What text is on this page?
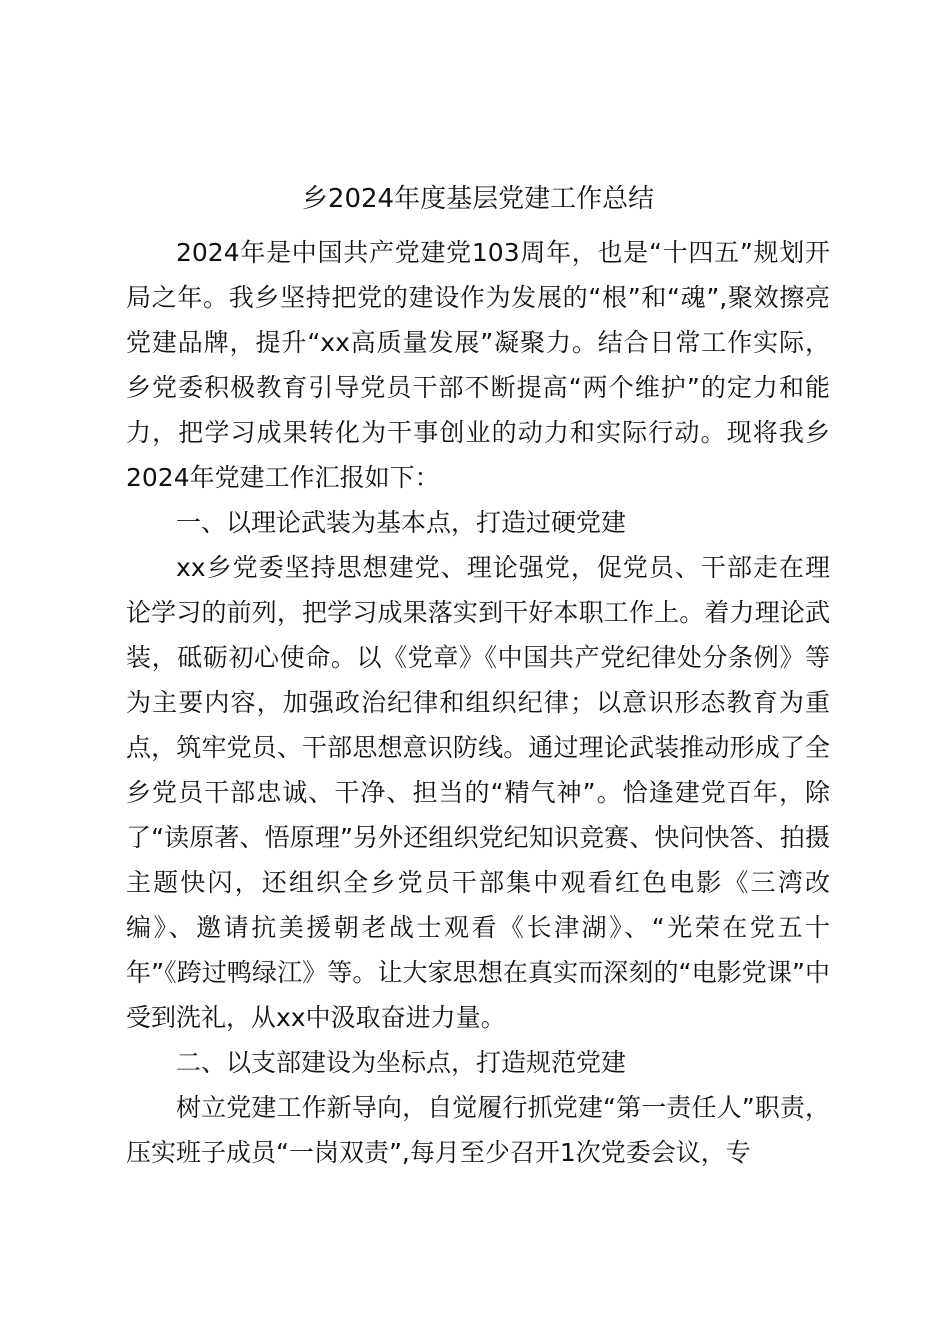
乡2024年度基层党建工作总结

2024年是中国共产党建党103周年，也是“十四五”规划开局之年。我乡坚持把党的建设作为发展的“根”和“魂”,聚效擦亮党建品牌，提升“xx高质量发展”凝聚力。结合日常工作实际，乡党委积极教育引导党员干部不断提高“两个维护”的定力和能力，把学习成果转化为干事创业的动力和实际行动。现将我乡2024年党建工作汇报如下：

一、以理论武装为基本点，打造过硬党建

xx乡党委坚持思想建党、理论强党，促党员、干部走在理论学习的前列，把学习成果落实到干好本职工作上。着力理论武装，砥砺初心使命。以《党章》《中国共产党纪律处分条例》等为主要内容，加强政治纪律和组织纪律；以意识形态教育为重点，筑牢党员、干部思想意识防线。通过理论武装推动形成了全乡党员干部忠诚、干净、担当的“精气神”。恰逢建党百年，除了“读原著、悟原理”另外还组织党纪知识竞赛、快问快答、拍摄主题快闪，还组织全乡党员干部集中观看红色电影《三湾改编》、邀请抗美援朝老战士观看《长津湖》、“光荣在党五十年”《跨过鸭绿江》等。让大家思想在真实而深刻的“电影党课”中受到洗礼，从xx中汲取奋进力量。

二、以支部建设为坐标点，打造规范党建

树立党建工作新导向，自觉履行抓党建“第一责任人”职责，压实班子成员“一岗双责”,每月至少召开1次党委会议，专
